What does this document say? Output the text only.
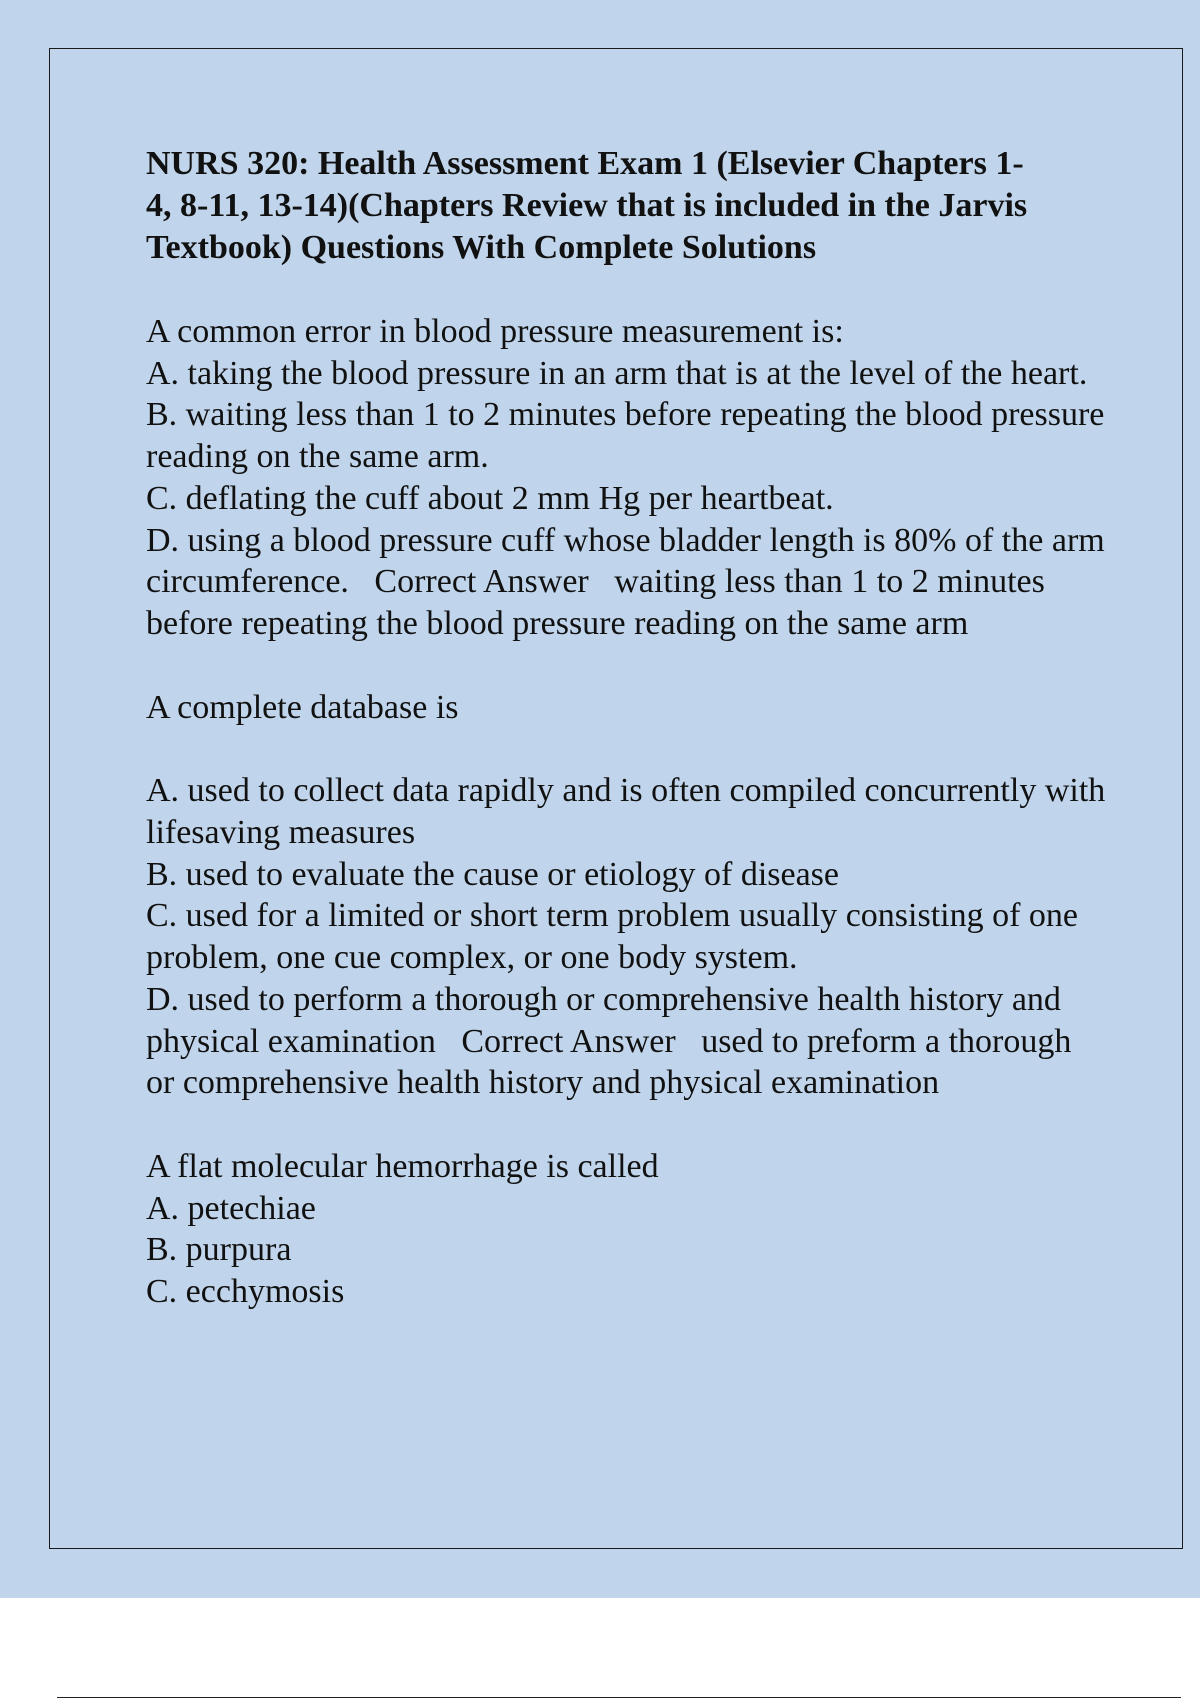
NURS 320: Health Assessment Exam 1 (Elsevier Chapters 1-
4, 8-11, 13-14)(Chapters Review that is included in the Jarvis
Textbook) Questions With Complete Solutions

A common error in blood pressure measurement is:

A. taking the blood pressure in an arm that is at the level of the heart.

B. waiting less than 1 to 2 minutes before repeating the blood pressure reading on the same arm.

C. deflating the cuff about 2 mm Hg per heartbeat.

D. using a blood pressure cuff whose bladder length is 80% of the arm circumference. Correct Answer waiting less than 1 to 2 minutes before repeating the blood pressure reading on the same arm

A complete database is

A. used to collect data rapidly and is often compiled concurrently with lifesaving measures

B. used to evaluate the cause or etiology of disease

C. used for a limited or short term problem usually consisting of one problem, one cue complex, or one body system.

D. used to perform a thorough or comprehensive health history and physical examination Correct Answer used to preform a thorough or comprehensive health history and physical examination

A flat molecular hemorrhage is called

A. petechiae

B. purpura

C. ecchymosis
